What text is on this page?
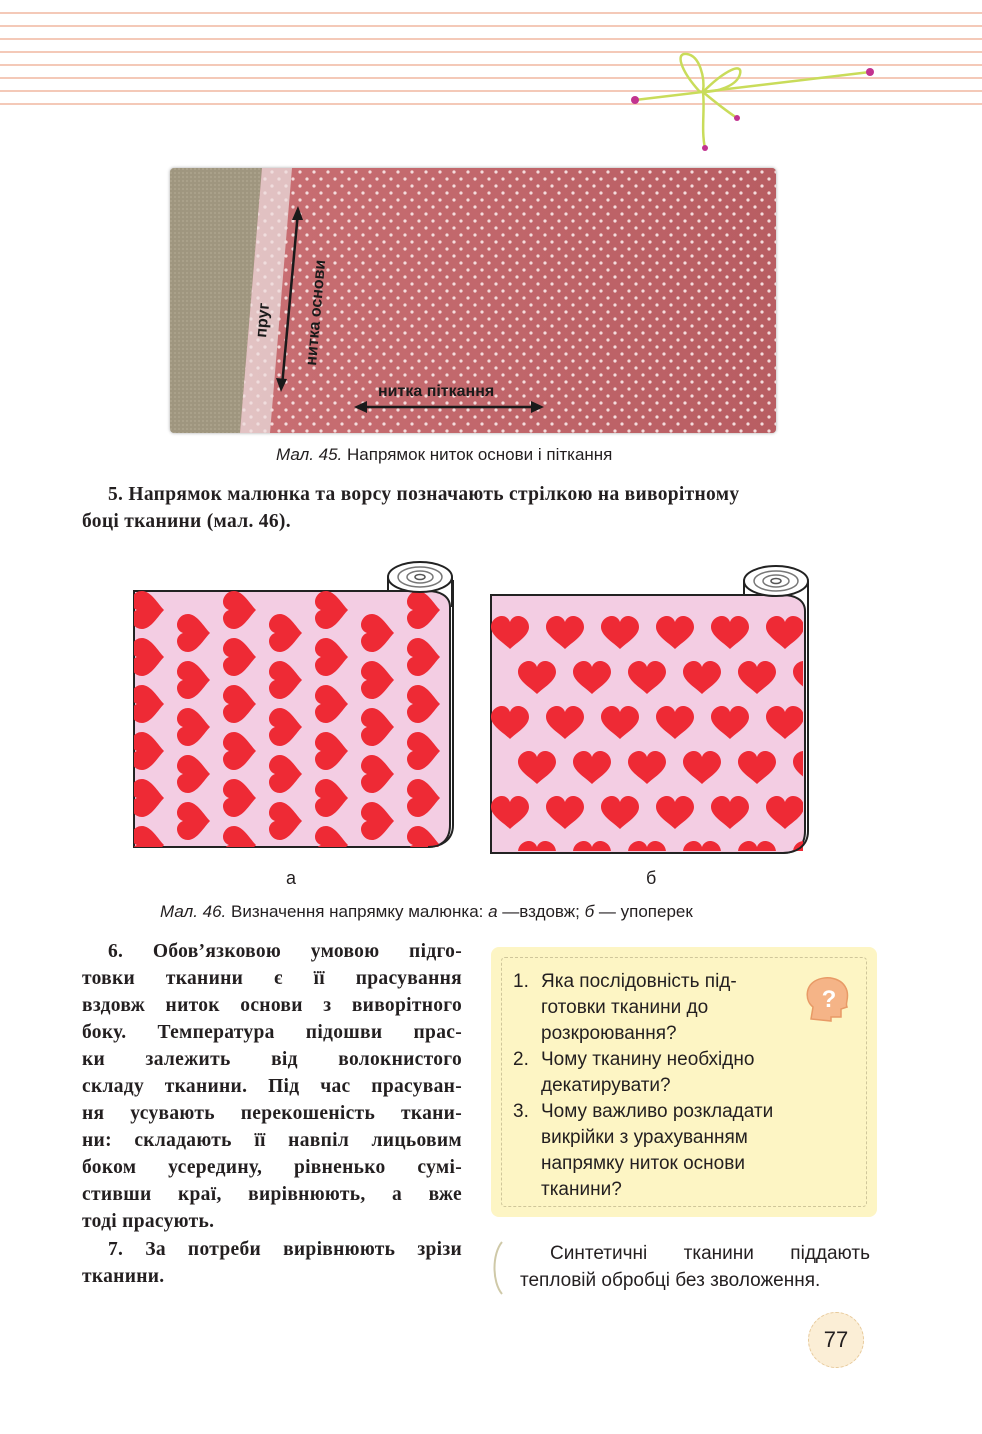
пруг нитка основи
нитка піткання
Мал. 45. Напрямок ниток основи і піткання
5. Напрямок малюнка та ворсу позначають стрілкою на виворітному
боці тканини (мал. 46).
а	б
Мал. 46. Визначення напрямку малюнка: а —вздовж; б — упоперек
6. Обов’язковою умовою підго-
товки тканини є її прасування
вздовж ниток основи з виворітного
боку. Температура підошви прас-
ки залежить від волокнистого
складу тканини. Під час прасуван-
ня усувають перекошеність ткани-
ни: складають її навпіл лицьовим
боком усередину, рівненько сумі-
стивши краї, вирівнюють, а вже
тоді прасують.
7. За потреби вирівнюють зрізи
тканини.
?
1. Яка послідовність під-
готовки тканини до
розкроювання?
2. Чому тканину необхідно
декатирувати?
3. Чому важливо розкладати
викрійки з урахуванням
напрямку ниток основи
тканини?
Синтетичні тканини піддають
тепловій обробці без зволоження.
77
